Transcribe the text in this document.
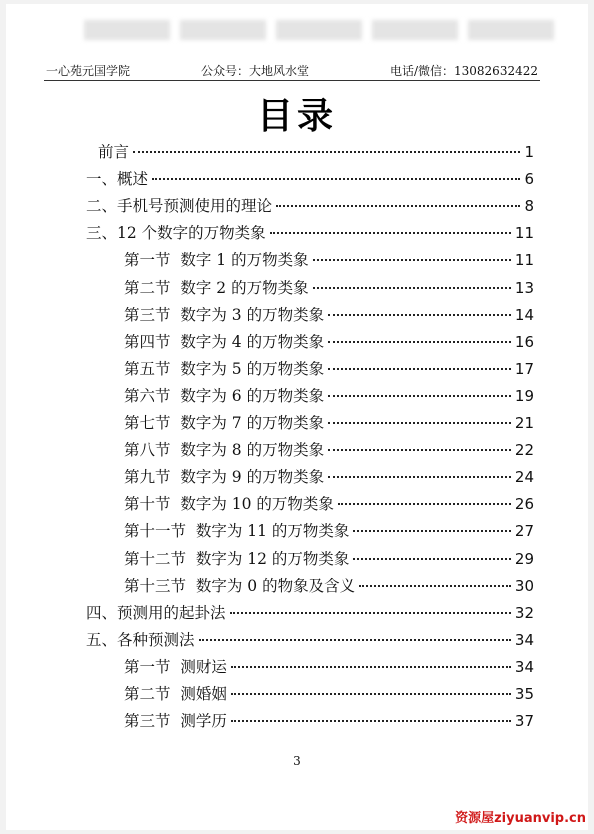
一心苑元国学院	公众号：大地风水堂	电话/微信：13082632422
目录
前言	1
一、概述	6
二、手机号预测使用的理论	8
三、12 个数字的万物类象	11
第一节  数字 1 的万物类象	11
第二节  数字 2 的万物类象	13
第三节  数字为 3 的万物类象	14
第四节  数字为 4 的万物类象	16
第五节  数字为 5 的万物类象	17
第六节  数字为 6 的万物类象	19
第七节  数字为 7 的万物类象	21
第八节  数字为 8 的万物类象	22
第九节  数字为 9 的万物类象	24
第十节  数字为 10 的万物类象	26
第十一节  数字为 11 的万物类象	27
第十二节  数字为 12 的万物类象	29
第十三节  数字为 0 的物象及含义	30
四、预测用的起卦法	32
五、各种预测法	34
第一节  测财运	34
第二节  测婚姻	35
第三节  测学历	37
3
资源屋ziyuanvip.cn
